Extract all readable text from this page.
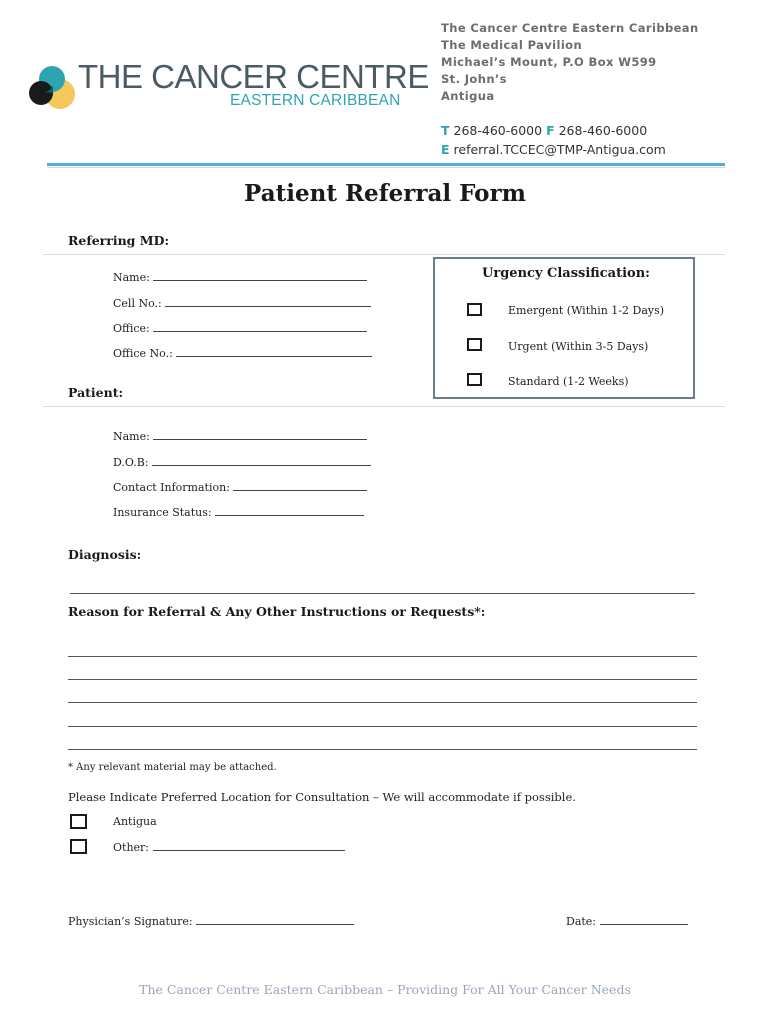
THE CANCER CENTRE
EASTERN CARIBBEAN
The Cancer Centre Eastern Caribbean
The Medical Pavilion
Michael’s Mount, P.O Box W599
St. John’s
Antigua
T 268-460-6000 F 268-460-6000
E referral.TCCEC@TMP-Antigua.com
Patient Referral Form
Referring MD:
Name:
Cell No.:
Office:
Office No.:
Urgency Classification:
Emergent (Within 1-2 Days)
Urgent (Within 3-5 Days)
Standard (1-2 Weeks)
Patient:
Name:
D.O.B:
Contact Information:
Insurance Status:
Diagnosis:
Reason for Referral & Any Other Instructions or Requests*:
* Any relevant material may be attached.
Please Indicate Preferred Location for Consultation – We will accommodate if possible.
Antigua
Other:
Physician’s Signature:	Date:
The Cancer Centre Eastern Caribbean – Providing For All Your Cancer Needs
